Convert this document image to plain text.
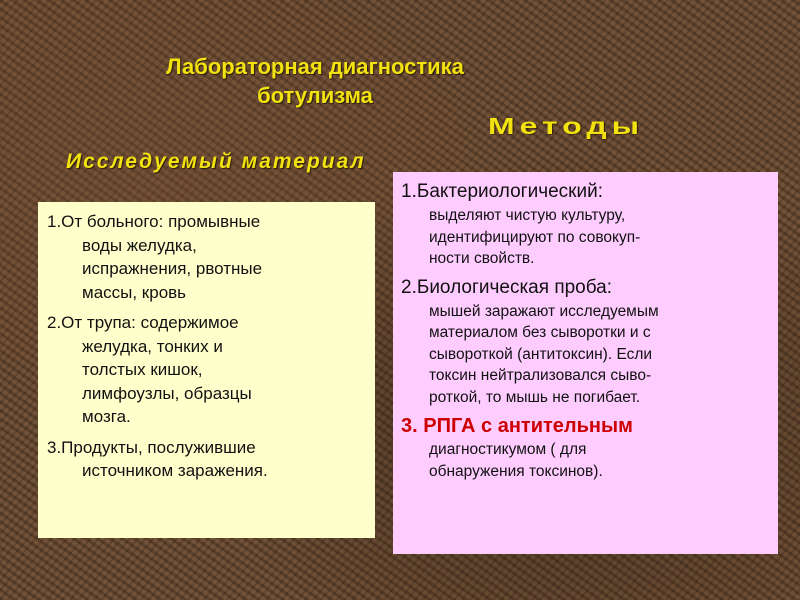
Лабораторная диагностика
ботулизма
Методы
Исследуемый материал
1.От больного: промывные
воды желудка,
испражнения, рвотные
массы, кровь
2.От трупа: содержимое
желудка, тонких и
толстых кишок,
лимфоузлы, образцы
мозга.
3.Продукты, послужившие
источником заражения.
1.Бактериологический:
выделяют чистую культуру,
идентифицируют по совокуп-
ности свойств.
2.Биологическая проба:
мышей заражают исследуемым
материалом без сыворотки и с
сывороткой (антитоксин). Если
токсин нейтрализовался сыво-
роткой, то мышь не погибает.
3. РПГА с антительным
диагностикумом ( для
обнаружения токсинов).
